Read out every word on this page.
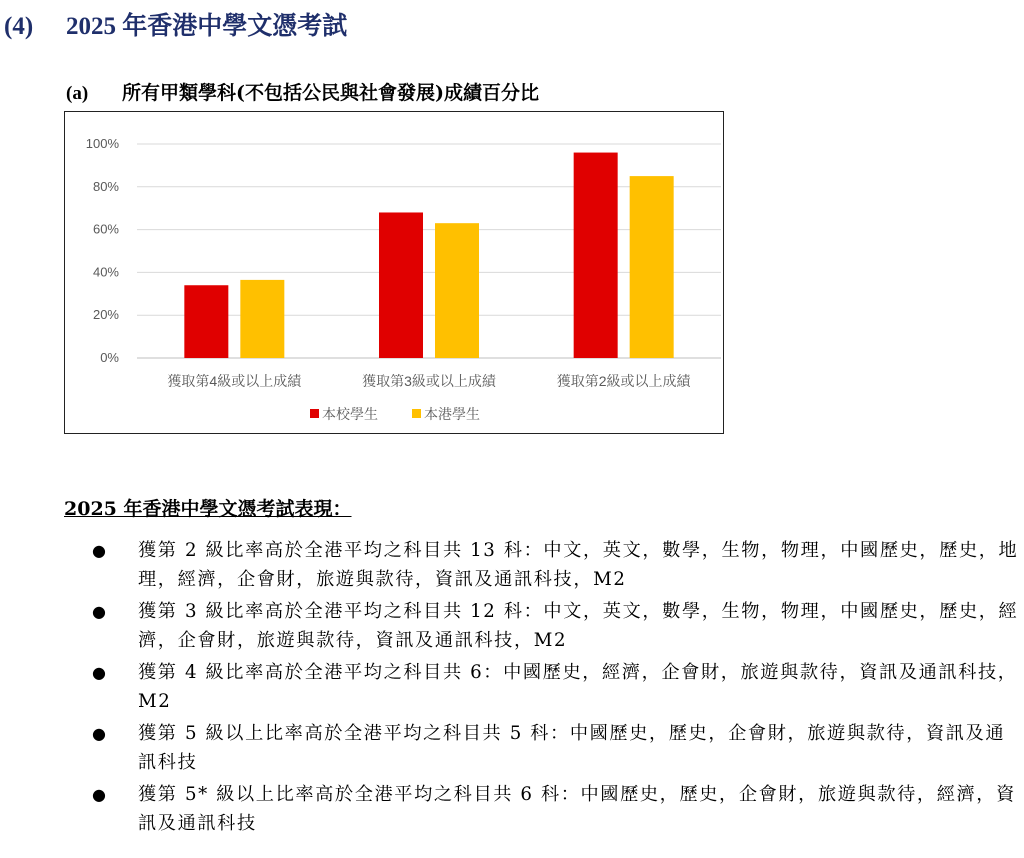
(4) 2025 年香港中學文憑考試
(a) 所有甲類學科(不包括公民與社會發展)成績百分比
0%
20%
40%
60%
80%
100%
獲取第4級或以上成績	獲取第3級或以上成績	獲取第2級或以上成績
本校學生	本港學生
2025 年香港中學文憑考試表現：
● 獲第 2 級比率高於全港平均之科目共 13 科：中文，英文，數學，生物，物理，中國歷史，歷史，地理，經濟，企會財，旅遊與款待，資訊及通訊科技，M2
● 獲第 3 級比率高於全港平均之科目共 12 科：中文，英文，數學，生物，物理，中國歷史，歷史，經濟，企會財，旅遊與款待，資訊及通訊科技，M2
● 獲第 4 級比率高於全港平均之科目共 6：中國歷史，經濟，企會財，旅遊與款待，資訊及通訊科技，M2
● 獲第 5 級以上比率高於全港平均之科目共 5 科：中國歷史，歷史，企會財，旅遊與款待，資訊及通訊科技
● 獲第 5* 級以上比率高於全港平均之科目共 6 科：中國歷史，歷史，企會財，旅遊與款待，經濟，資訊及通訊科技
